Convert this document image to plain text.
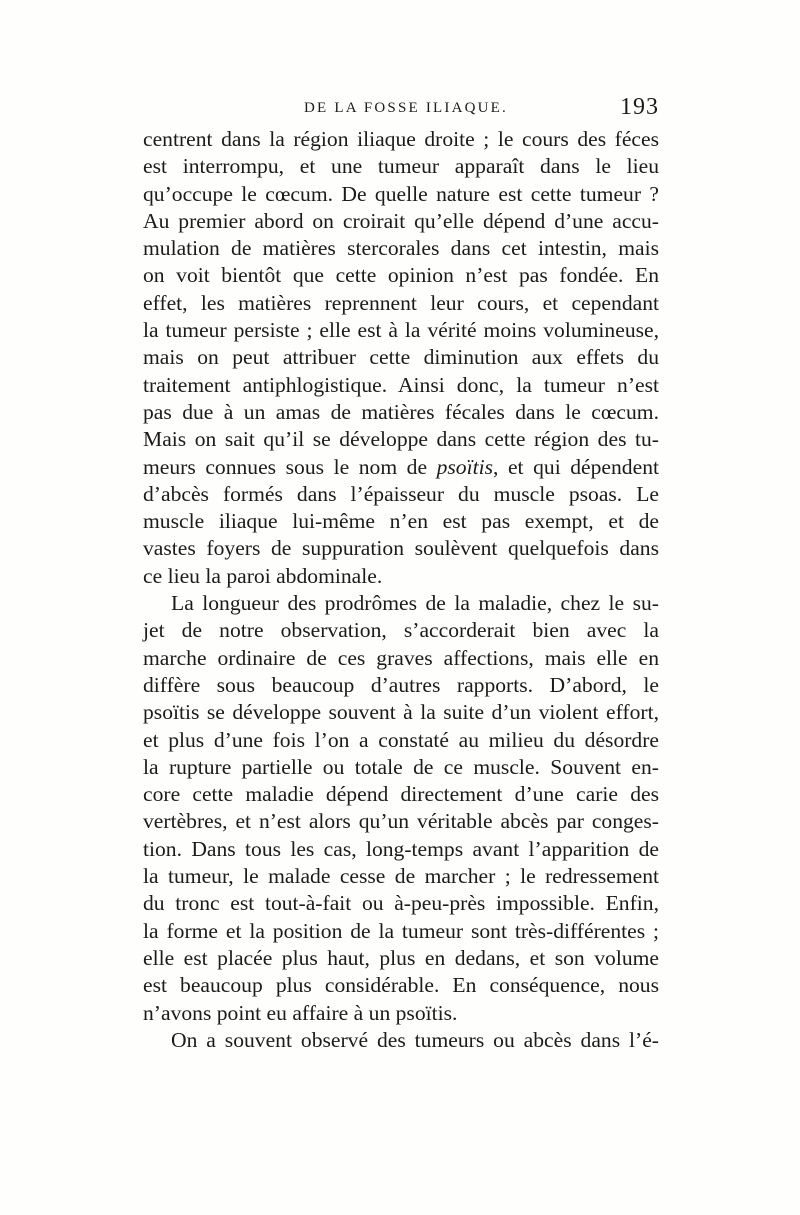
DE LA FOSSE ILIAQUE.	193
centrent dans la région iliaque droite ; le cours des féces
est interrompu, et une tumeur apparaît dans le lieu
qu’occupe le cœcum. De quelle nature est cette tumeur ?
Au premier abord on croirait qu’elle dépend d’une accu-
mulation de matières stercorales dans cet intestin, mais
on voit bientôt que cette opinion n’est pas fondée. En
effet, les matières reprennent leur cours, et cependant
la tumeur persiste ; elle est à la vérité moins volumineuse,
mais on peut attribuer cette diminution aux effets du
traitement antiphlogistique. Ainsi donc, la tumeur n’est
pas due à un amas de matières fécales dans le cœcum.
Mais on sait qu’il se développe dans cette région des tu-
meurs connues sous le nom de psoïtis, et qui dépendent
d’abcès formés dans l’épaisseur du muscle psoas. Le
muscle iliaque lui-même n’en est pas exempt, et de
vastes foyers de suppuration soulèvent quelquefois dans
ce lieu la paroi abdominale.
La longueur des prodrômes de la maladie, chez le su-
jet de notre observation, s’accorderait bien avec la
marche ordinaire de ces graves affections, mais elle en
diffère sous beaucoup d’autres rapports. D’abord, le
psoïtis se développe souvent à la suite d’un violent effort,
et plus d’une fois l’on a constaté au milieu du désordre
la rupture partielle ou totale de ce muscle. Souvent en-
core cette maladie dépend directement d’une carie des
vertèbres, et n’est alors qu’un véritable abcès par conges-
tion. Dans tous les cas, long-temps avant l’apparition de
la tumeur, le malade cesse de marcher ; le redressement
du tronc est tout-à-fait ou à-peu-près impossible. Enfin,
la forme et la position de la tumeur sont très-différentes ;
elle est placée plus haut, plus en dedans, et son volume
est beaucoup plus considérable. En conséquence, nous
n’avons point eu affaire à un psoïtis.
On a souvent observé des tumeurs ou abcès dans l’é-
